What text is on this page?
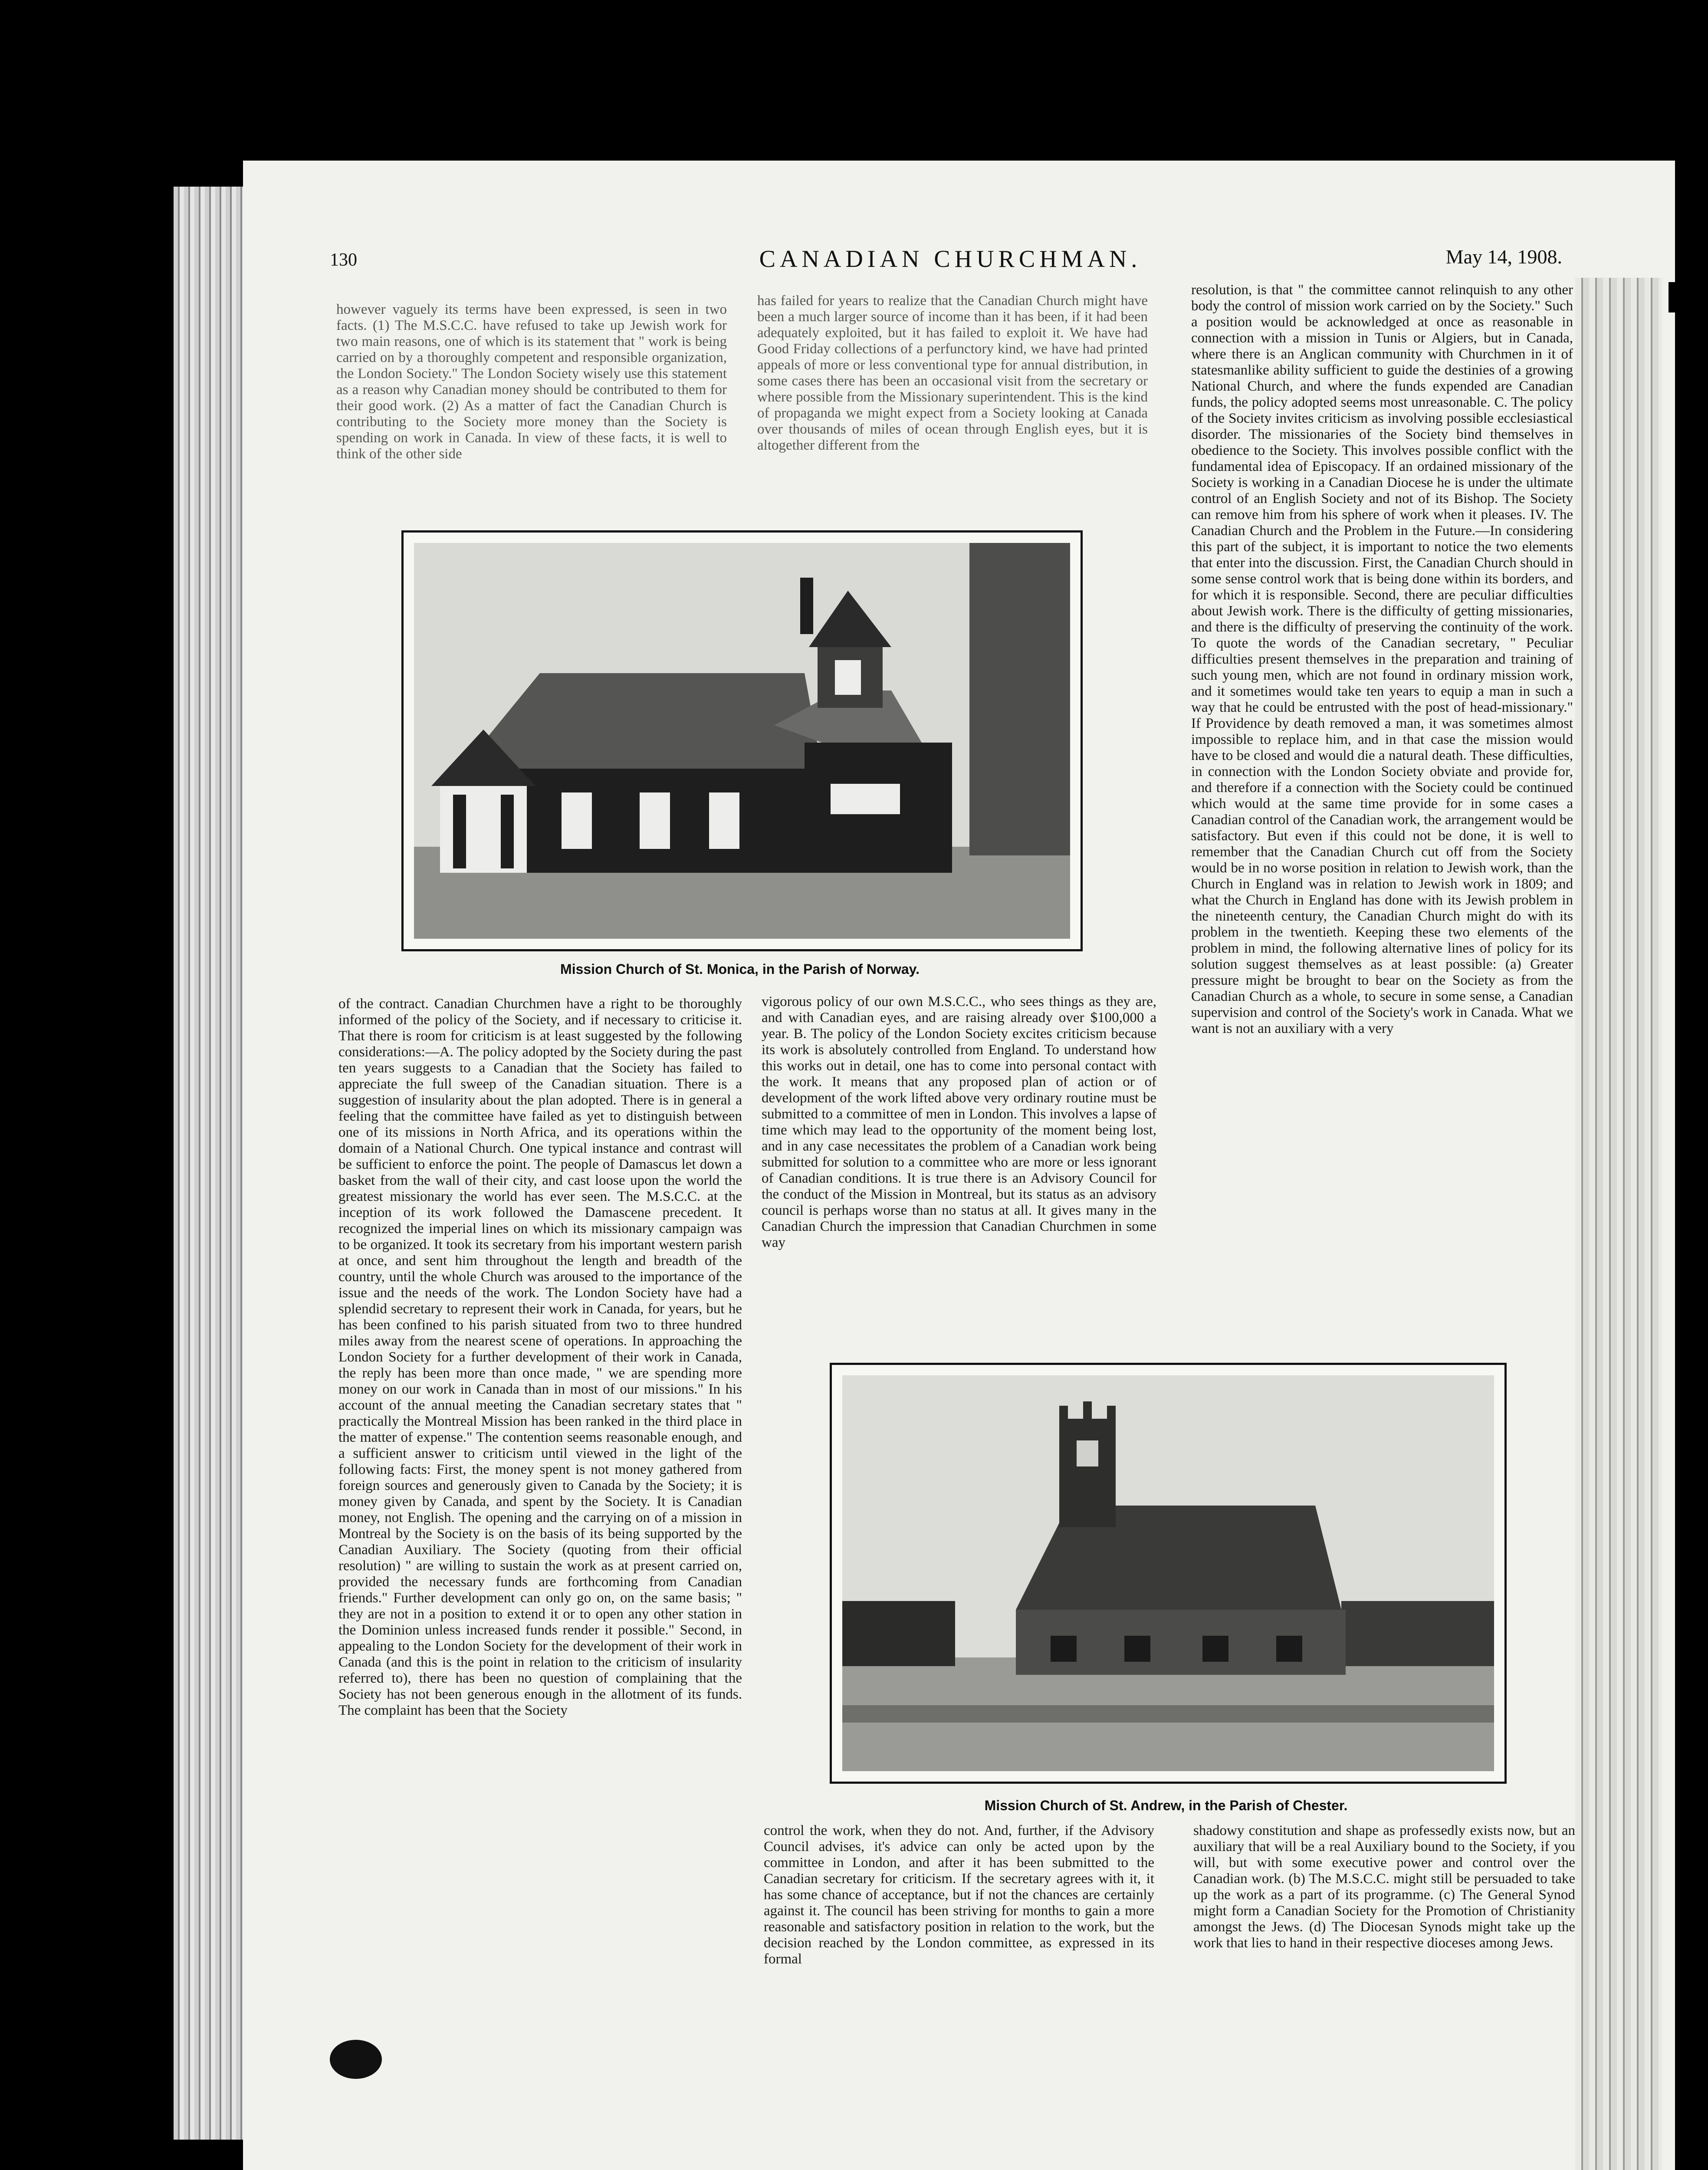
130	CANADIAN CHURCHMAN.	May 14, 1908.

however vaguely its terms have been expressed, is seen in two facts. (1) The M.S.C.C. have refused to take up Jewish work for two main reasons, one of which is its statement that " work is being carried on by a thoroughly competent and responsible organization, the London Society." The London Society wisely use this statement as a reason why Canadian money should be contributed to them for their good work. (2) As a matter of fact the Canadian Church is contributing to the Society more money than the Society is spending on work in Canada. In view of these facts, it is well to think of the other side

has failed for years to realize that the Canadian Church might have been a much larger source of income than it has been, if it had been adequately exploited, but it has failed to exploit it. We have had Good Friday collections of a perfunctory kind, we have had printed appeals of more or less conventional type for annual distribution, in some cases there has been an occasional visit from the secretary or where possible from the Missionary superintendent. This is the kind of propaganda we might expect from a Society looking at Canada over thousands of miles of ocean through English eyes, but it is altogether different from the

resolution, is that " the committee cannot relinquish to any other body the control of mission work carried on by the Society." Such a position would be acknowledged at once as reasonable in connection with a mission in Tunis or Algiers, but in Canada, where there is an Anglican community with Churchmen in it of statesmanlike ability sufficient to guide the destinies of a growing National Church, and where the funds expended are Canadian funds, the policy adopted seems most unreasonable. C. The policy of the Society invites criticism as involving possible ecclesiastical disorder. The missionaries of the Society bind themselves in obedience to the Society. This involves possible conflict with the fundamental idea of Episcopacy. If an ordained missionary of the Society is working in a Canadian Diocese he is under the ultimate control of an English Society and not of its Bishop. The Society can remove him from his sphere of work when it pleases. IV. The Canadian Church and the Problem in the Future.—In considering this part of the subject, it is important to notice the two elements that enter into the discussion. First, the Canadian Church should in some sense control work that is being done within its borders, and for which it is responsible. Second, there are peculiar difficulties about Jewish work. There is the difficulty of getting missionaries, and there is the difficulty of preserving the continuity of the work. To quote the words of the Canadian secretary, " Peculiar difficulties present themselves in the preparation and training of such young men, which are not found in ordinary mission work, and it sometimes would take ten years to equip a man in such a way that he could be entrusted with the post of head-missionary." If Providence by death removed a man, it was sometimes almost impossible to replace him, and in that case the mission would have to be closed and would die a natural death. These difficulties, in connection with the London Society obviate and provide for, and therefore if a connection with the Society could be continued which would at the same time provide for in some cases a Canadian control of the Canadian work, the arrangement would be satisfactory. But even if this could not be done, it is well to remember that the Canadian Church cut off from the Society would be in no worse position in relation to Jewish work, than the Church in England was in relation to Jewish work in 1809; and what the Church in England has done with its Jewish problem in the nineteenth century, the Canadian Church might do with its problem in the twentieth. Keeping these two elements of the problem in mind, the following alternative lines of policy for its solution suggest themselves as at least possible: (a) Greater pressure might be brought to bear on the Society as from the Canadian Church as a whole, to secure in some sense, a Canadian supervision and control of the Society's work in Canada. What we want is not an auxiliary with a very

Mission Church of St. Monica, in the Parish of Norway.

of the contract. Canadian Churchmen have a right to be thoroughly informed of the policy of the Society, and if necessary to criticise it. That there is room for criticism is at least suggested by the following considerations:—A. The policy adopted by the Society during the past ten years suggests to a Canadian that the Society has failed to appreciate the full sweep of the Canadian situation. There is a suggestion of insularity about the plan adopted. There is in general a feeling that the committee have failed as yet to distinguish between one of its missions in North Africa, and its operations within the domain of a National Church. One typical instance and contrast will be sufficient to enforce the point. The people of Damascus let down a basket from the wall of their city, and cast loose upon the world the greatest missionary the world has ever seen. The M.S.C.C. at the inception of its work followed the Damascene precedent. It recognized the imperial lines on which its missionary campaign was to be organized. It took its secretary from his important western parish at once, and sent him throughout the length and breadth of the country, until the whole Church was aroused to the importance of the issue and the needs of the work. The London Society have had a splendid secretary to represent their work in Canada, for years, but he has been confined to his parish situated from two to three hundred miles away from the nearest scene of operations. In approaching the London Society for a further development of their work in Canada, the reply has been more than once made, " we are spending more money on our work in Canada than in most of our missions." In his account of the annual meeting the Canadian secretary states that " practically the Montreal Mission has been ranked in the third place in the matter of expense." The contention seems reasonable enough, and a sufficient answer to criticism until viewed in the light of the following facts: First, the money spent is not money gathered from foreign sources and generously given to Canada by the Society; it is money given by Canada, and spent by the Society. It is Canadian money, not English. The opening and the carrying on of a mission in Montreal by the Society is on the basis of its being supported by the Canadian Auxiliary. The Society (quoting from their official resolution) " are willing to sustain the work as at present carried on, provided the necessary funds are forthcoming from Canadian friends." Further development can only go on, on the same basis; " they are not in a position to extend it or to open any other station in the Dominion unless increased funds render it possible." Second, in appealing to the London Society for the development of their work in Canada (and this is the point in relation to the criticism of insularity referred to), there has been no question of complaining that the Society has not been generous enough in the allotment of its funds. The complaint has been that the Society

vigorous policy of our own M.S.C.C., who sees things as they are, and with Canadian eyes, and are raising already over $100,000 a year. B. The policy of the London Society excites criticism because its work is absolutely controlled from England. To understand how this works out in detail, one has to come into personal contact with the work. It means that any proposed plan of action or of development of the work lifted above very ordinary routine must be submitted to a committee of men in London. This involves a lapse of time which may lead to the opportunity of the moment being lost, and in any case necessitates the problem of a Canadian work being submitted for solution to a committee who are more or less ignorant of Canadian conditions. It is true there is an Advisory Council for the conduct of the Mission in Montreal, but its status as an advisory council is perhaps worse than no status at all. It gives many in the Canadian Church the impression that Canadian Churchmen in some way

Mission Church of St. Andrew, in the Parish of Chester.

control the work, when they do not. And, further, if the Advisory Council advises, it's advice can only be acted upon by the committee in London, and after it has been submitted to the Canadian secretary for criticism. If the secretary agrees with it, it has some chance of acceptance, but if not the chances are certainly against it. The council has been striving for months to gain a more reasonable and satisfactory position in relation to the work, but the decision reached by the London committee, as expressed in its formal

shadowy constitution and shape as professedly exists now, but an auxiliary that will be a real Auxiliary bound to the Society, if you will, but with some executive power and control over the Canadian work. (b) The M.S.C.C. might still be persuaded to take up the work as a part of its programme. (c) The General Synod might form a Canadian Society for the Promotion of Christianity amongst the Jews. (d) The Diocesan Synods might take up the work that lies to hand in their respective dioceses among Jews.
